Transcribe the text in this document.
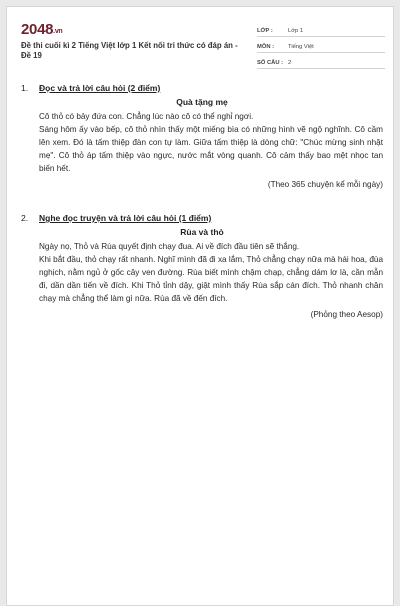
2048.vn
Đề thi cuối kì 2 Tiếng Việt lớp 1 Kết nối tri thức có đáp án - Đề 19
LỚP :	Lớp 1
MÔN :	Tiếng Việt
SỐ CÂU : 2
1.	Đọc và trả lời câu hỏi (2 điểm)
Quà tặng mẹ

Cô thỏ có bảy đứa con. Chẳng lúc nào cô có thể nghỉ ngơi.

Sáng hôm ấy vào bếp, cô thỏ nhìn thấy một miếng bìa có những hình vẽ ngộ nghĩnh. Cô cầm lên xem. Đó là tấm thiệp đàn con tự làm. Giữa tấm thiệp là dòng chữ: "Chúc mừng sinh nhật mẹ". Cô thỏ áp tấm thiệp vào ngực, nước mắt vòng quanh. Cô cảm thấy bao mệt nhọc tan biến hết.

(Theo 365 chuyện kể mỗi ngày)
2.	Nghe đọc truyện và trả lời câu hỏi (1 điểm)
Rùa và thỏ

Ngày nọ, Thỏ và Rùa quyết định chạy đua. Ai về đích đầu tiên sẽ thắng.

Khi bắt đầu, thỏ chạy rất nhanh. Nghĩ mình đã đi xa lắm, Thỏ chẳng chạy nữa mà hái hoa, đùa nghịch, nằm ngủ ở gốc cây ven đường. Rùa biết mình chậm chạp, chẳng dám lơ là, cần mẫn đi, dần dần tiến về đích. Khi Thỏ tỉnh dậy, giật mình thấy Rùa sắp cán đích. Thỏ nhanh chân chạy mà chẳng thể làm gì nữa. Rùa đã về đến đích.

(Phỏng theo Aesop)
